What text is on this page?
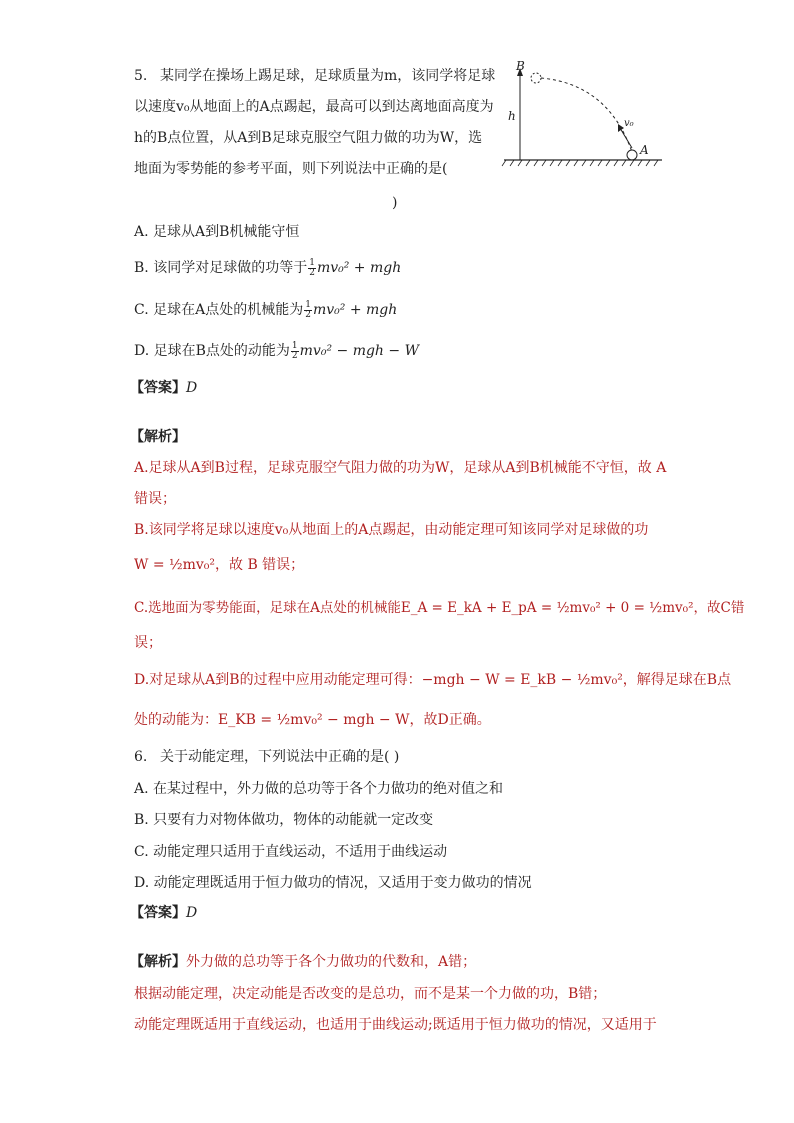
5. 某同学在操场上踢足球，足球质量为m，该同学将足球
以速度v₀从地面上的A点踢起，最高可以到达离地面高度为
h的B点位置，从A到B足球克服空气阻力做的功为W，选
地面为零势能的参考平面，则下列说法中正确的是(
)
B
h
v₀
A
A. 足球从A到B机械能守恒
B. 该同学对足球做的功等于 $\frac{1}{2} mv_0^2$ + mgh
C. 足球在A点处的机械能为 $\frac{1}{2} mv_0^2$ + mgh
D. 足球在B点处的动能为 $\frac{1}{2} mv_0^2$ − mgh − W
【答案】D
【解析】
A.足球从A到B过程，足球克服空气阻力做的功为W，足球从A到B机械能不守恒，故 A
错误；
B.该同学将足球以速度v₀从地面上的A点踢起，由动能定理可知该同学对足球做的功
W = ½mv₀²，故 B 错误；
C.选地面为零势能面，足球在A点处的机械能E_A = E_kA + E_pA = ½mv₀² + 0 = ½mv₀²，故C错
误；
D.对足球从A到B的过程中应用动能定理可得：−mgh − W = E_kB − ½mv₀²，解得足球在B点
处的动能为：E_KB = ½mv₀² − mgh − W，故D正确。
6. 关于动能定理，下列说法中正确的是( )
A. 在某过程中，外力做的总功等于各个力做功的绝对值之和
B. 只要有力对物体做功，物体的动能就一定改变
C. 动能定理只适用于直线运动，不适用于曲线运动
D. 动能定理既适用于恒力做功的情况，又适用于变力做功的情况
【答案】D
【解析】外力做的总功等于各个力做功的代数和，A错；
根据动能定理，决定动能是否改变的是总功，而不是某一个力做的功，B错；
动能定理既适用于直线运动，也适用于曲线运动;既适用于恒力做功的情况，又适用于
